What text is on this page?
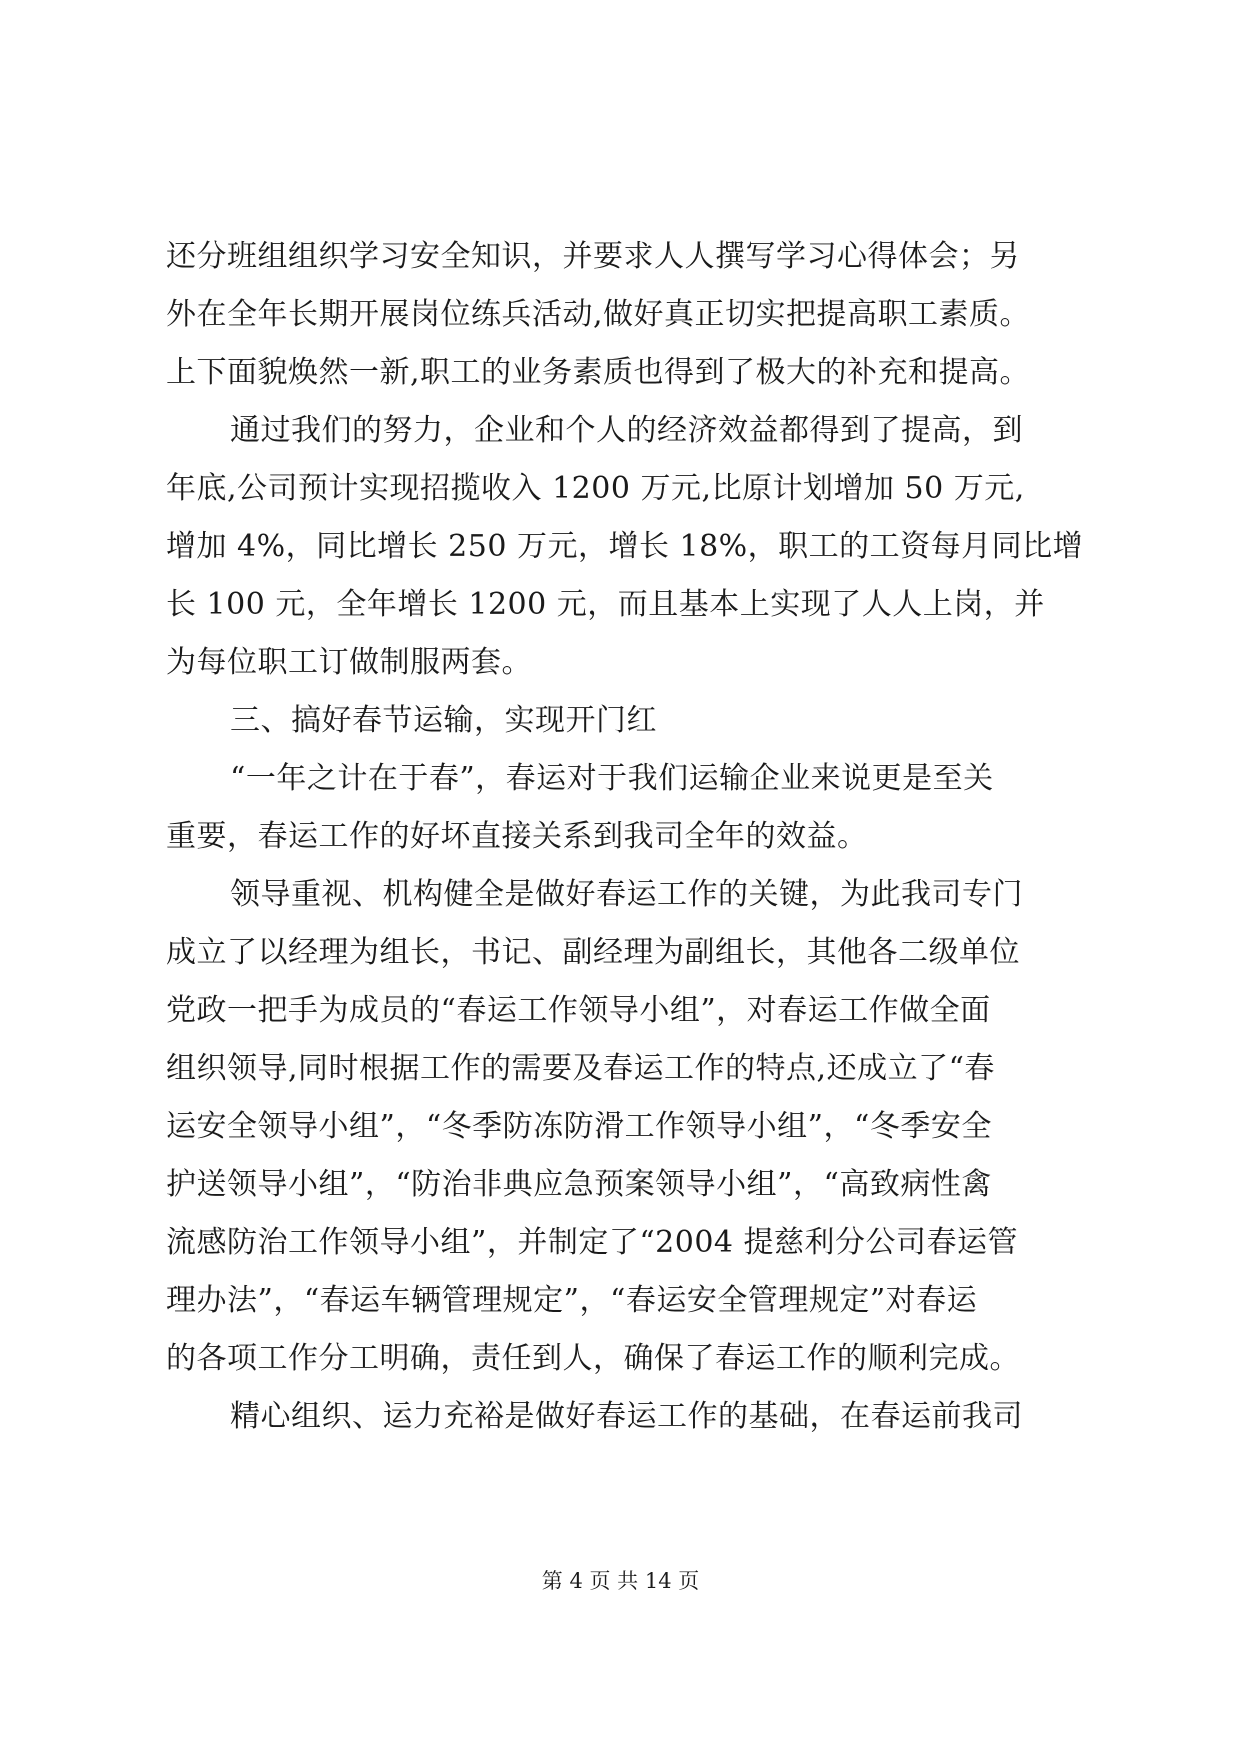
还分班组组织学习安全知识，并要求人人撰写学习心得体会；另
外在全年长期开展岗位练兵活动,做好真正切实把提高职工素质。
上下面貌焕然一新,职工的业务素质也得到了极大的补充和提高。
通过我们的努力，企业和个人的经济效益都得到了提高，到
年底,公司预计实现招揽收入 1200 万元,比原计划增加 50 万元,
增加 4%，同比增长 250 万元，增长 18%，职工的工资每月同比增
长 100 元，全年增长 1200 元，而且基本上实现了人人上岗，并
为每位职工订做制服两套。
三、搞好春节运输，实现开门红
“一年之计在于春”，春运对于我们运输企业来说更是至关
重要，春运工作的好坏直接关系到我司全年的效益。
领导重视、机构健全是做好春运工作的关键，为此我司专门
成立了以经理为组长，书记、副经理为副组长，其他各二级单位
党政一把手为成员的“春运工作领导小组”，对春运工作做全面
组织领导,同时根据工作的需要及春运工作的特点,还成立了“春
运安全领导小组”，“冬季防冻防滑工作领导小组”，“冬季安全
护送领导小组”，“防治非典应急预案领导小组”，“高致病性禽
流感防治工作领导小组”，并制定了“2004 提慈利分公司春运管
理办法”，“春运车辆管理规定”，“春运安全管理规定”对春运
的各项工作分工明确，责任到人，确保了春运工作的顺利完成。
精心组织、运力充裕是做好春运工作的基础，在春运前我司
第 4 页 共 14 页
